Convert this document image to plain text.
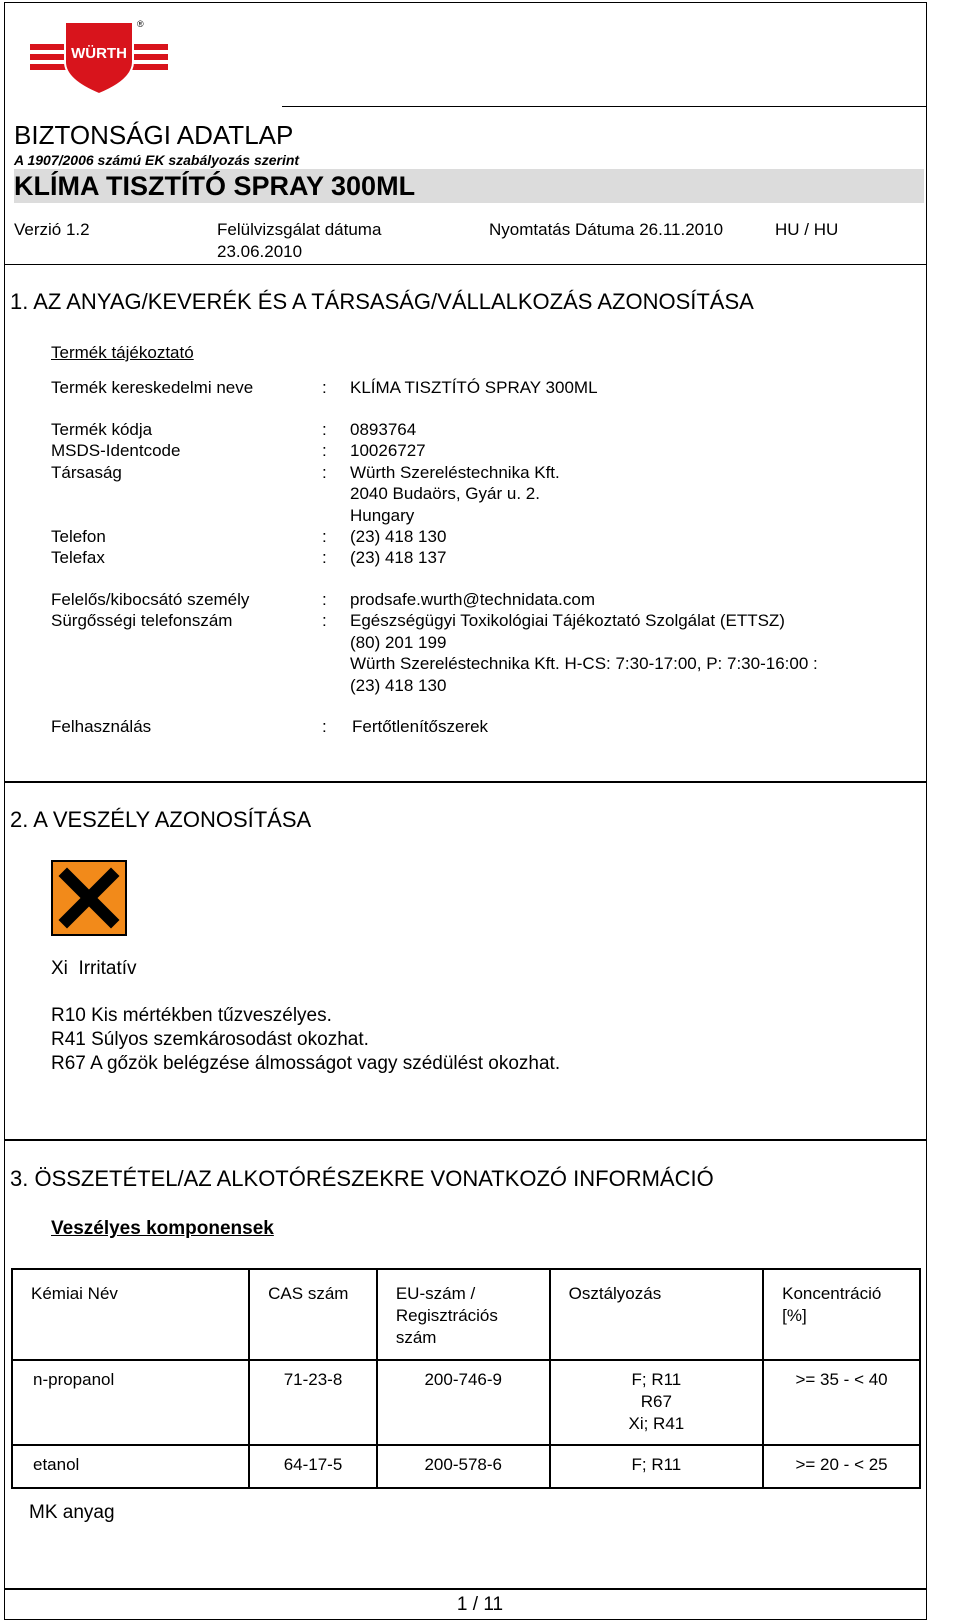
WÜRTH
®
BIZTONSÁGI ADATLAP
A 1907/2006 számú EK szabályozás szerint
KLÍMA TISZTÍTÓ SPRAY 300ML
Verzió 1.2	Felülvizsgálat dátuma
23.06.2010
Nyomtatás Dátuma 26.11.2010	HU / HU
1. AZ ANYAG/KEVERÉK ÉS A TÁRSASÁG/VÁLLALKOZÁS AZONOSÍTÁSA
Termék tájékoztató
Termék kereskedelmi neve	: KLÍMA TISZTÍTÓ SPRAY 300ML
Termék kódja	: 0893764
MSDS-Identcode	: 10026727
Társaság	: Würth Szereléstechnika Kft.
2040 Budaörs, Gyár u. 2.
Hungary
Telefon	: (23) 418 130
Telefax	: (23) 418 137
Felelős/kibocsátó személy	: prodsafe.wurth@technidata.com
Sürgősségi telefonszám	: Egészségügyi Toxikológiai Tájékoztató Szolgálat (ETTSZ)
(80) 201 199
Würth Szereléstechnika Kft. H-CS: 7:30-17:00, P: 7:30-16:00 :
(23) 418 130
Felhasználás	: Fertőtlenítőszerek
2. A VESZÉLY AZONOSÍTÁSA
Xi  Irritatív
R10 Kis mértékben tűzveszélyes.
R41 Súlyos szemkárosodást okozhat.
R67 A gőzök belégzése álmosságot vagy szédülést okozhat.
3. ÖSSZETÉTEL/AZ ALKOTÓRÉSZEKRE VONATKOZÓ INFORMÁCIÓ
Veszélyes komponensek
Kémiai Név	CAS szám	EU-szám / Regisztrációs szám	Osztályozás	Koncentráció [%]
n-propanol	71-23-8	200-746-9	F; R11
R67
Xi; R41	>= 35 - < 40
etanol	64-17-5	200-578-6	F; R11	>= 20 - < 25
MK anyag
1 / 11
